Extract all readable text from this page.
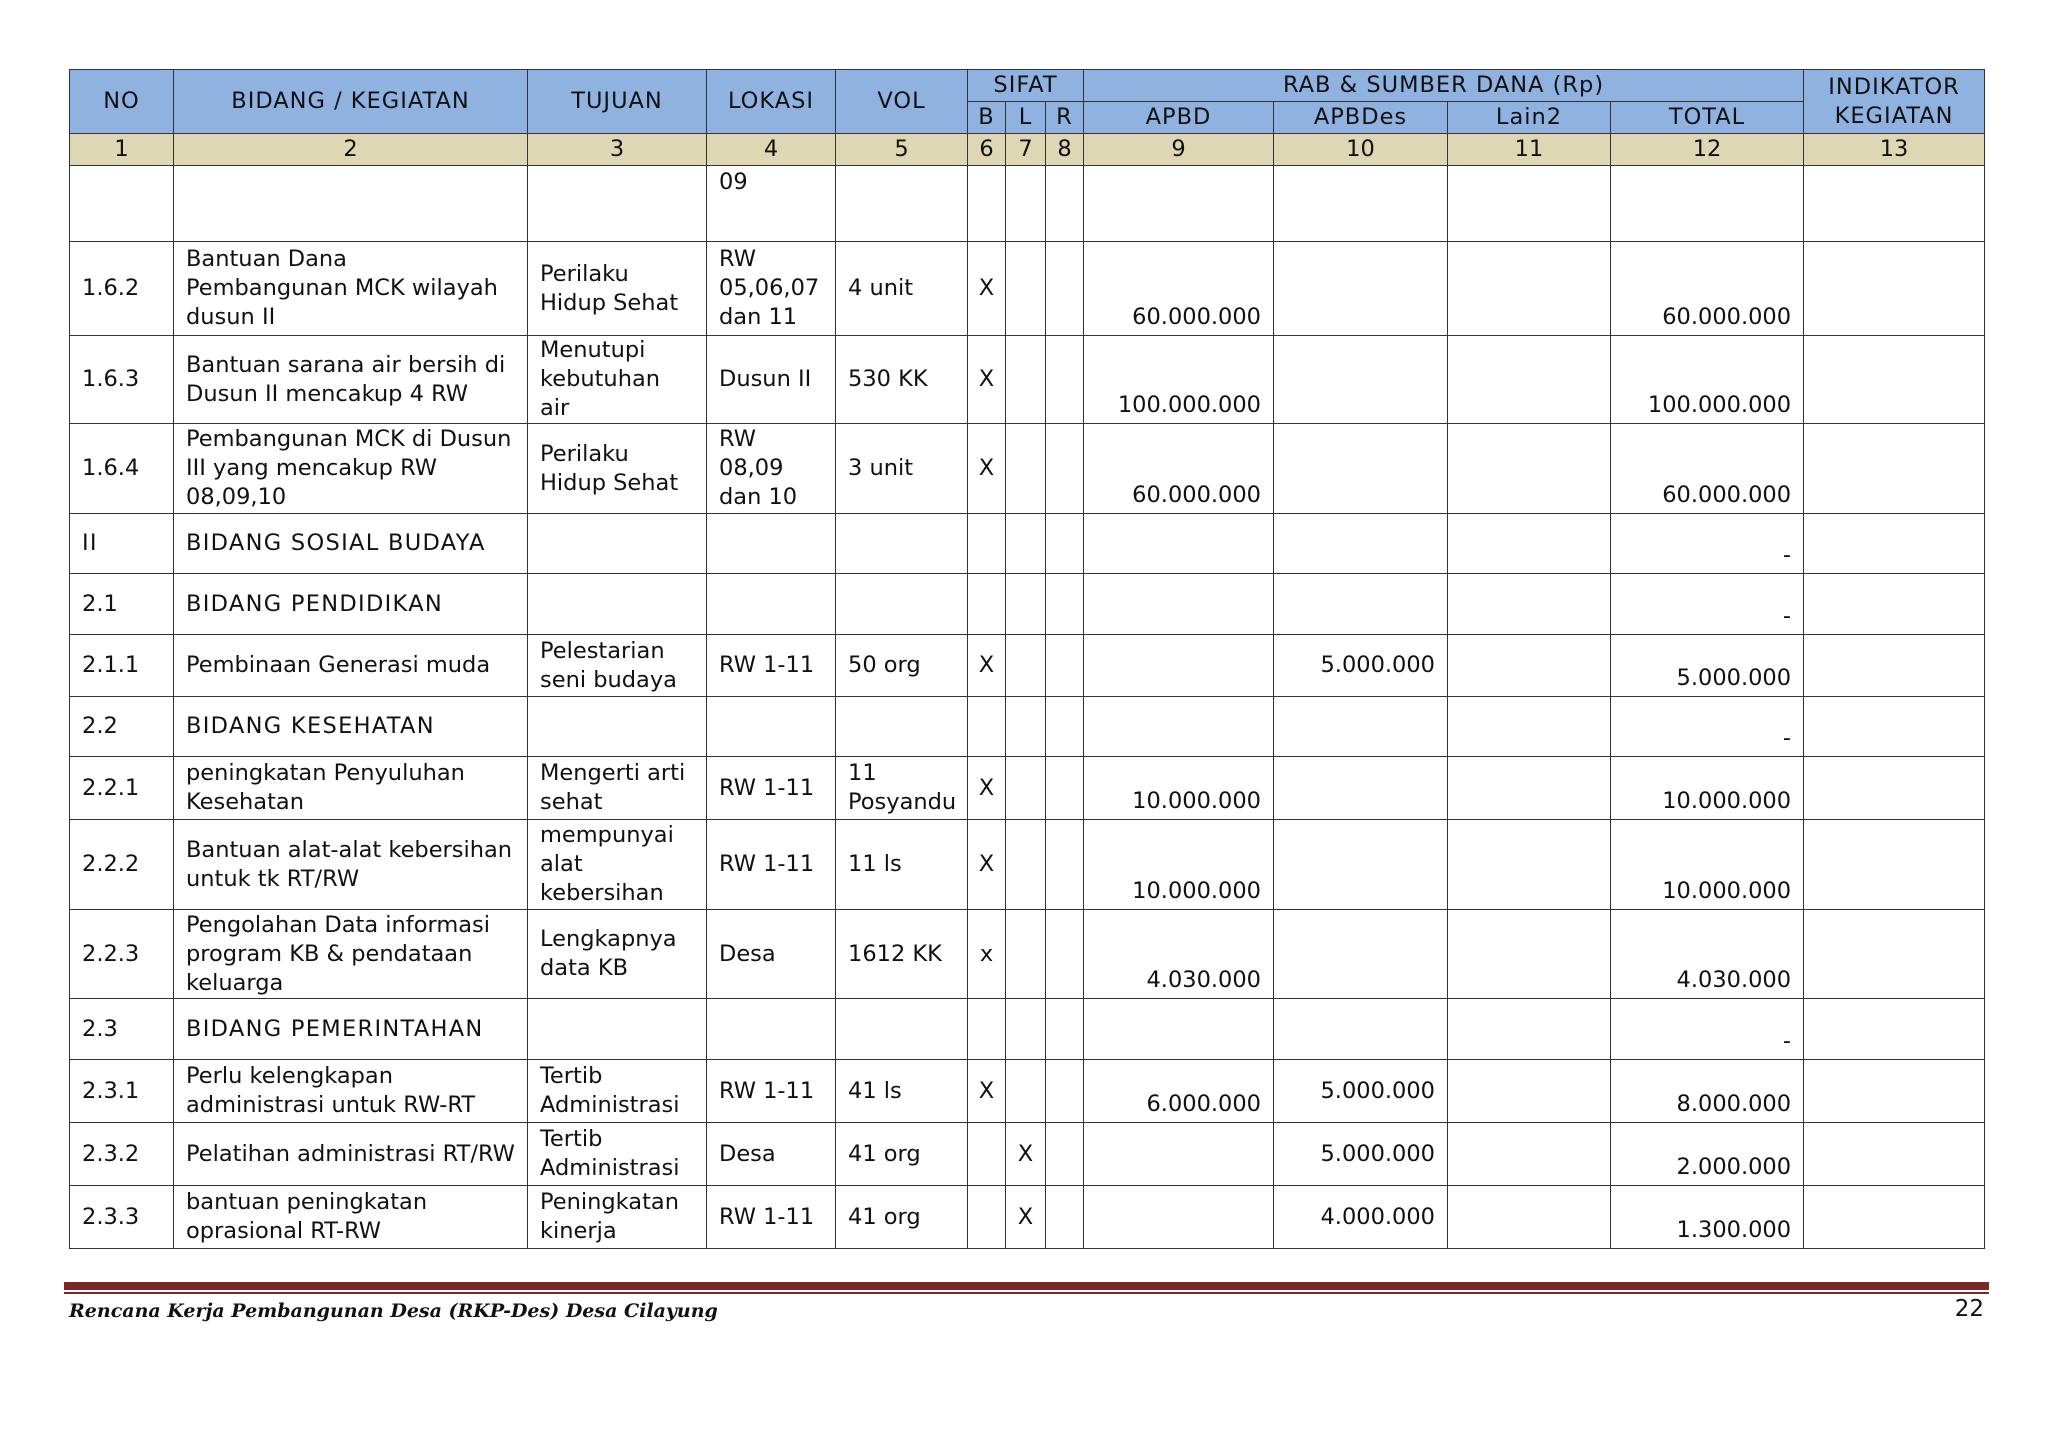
NO	BIDANG / KEGIATAN	TUJUAN	LOKASI	VOL	SIFAT			RAB & SUMBER DANA (Rp)				INDIKATOR KEGIATAN
					B	L	R	APBD	APBDes	Lain2	TOTAL	
1	2	3	4	5	6	7	8	9	10	11	12	13
			09									
1.6.2	Bantuan Dana Pembangunan MCK wilayah dusun II	Perilaku Hidup Sehat	RW 05,06,07 dan 11	4 unit	X			60.000.000			60.000.000	
1.6.3	Bantuan sarana air bersih di Dusun II mencakup 4 RW	Menutupi kebutuhan air	Dusun II	530 KK	X			100.000.000			100.000.000	
1.6.4	Pembangunan MCK di Dusun III yang mencakup RW 08,09,10	Perilaku Hidup Sehat	RW 08,09 dan 10	3 unit	X			60.000.000			60.000.000	
II	BIDANG SOSIAL BUDAYA										-	
2.1	BIDANG PENDIDIKAN										-	
2.1.1	Pembinaan Generasi muda	Pelestarian seni budaya	RW 1-11	50 org	X				5.000.000		5.000.000	
2.2	BIDANG KESEHATAN										-	
2.2.1	peningkatan Penyuluhan Kesehatan	Mengerti arti sehat	RW 1-11	11 Posyandu	X			10.000.000			10.000.000	
2.2.2	Bantuan alat-alat kebersihan untuk tk RT/RW	mempunyai alat kebersihan	RW 1-11	11 ls	X			10.000.000			10.000.000	
2.2.3	Pengolahan Data informasi program KB & pendataan keluarga	Lengkapnya data KB	Desa	1612 KK	x			4.030.000			4.030.000	
2.3	BIDANG PEMERINTAHAN										-	
2.3.1	Perlu kelengkapan administrasi untuk RW-RT	Tertib Administrasi	RW 1-11	41 ls	X			6.000.000	5.000.000		8.000.000	
2.3.2	Pelatihan administrasi RT/RW	Tertib Administrasi	Desa	41 org		X			5.000.000		2.000.000	
2.3.3	bantuan peningkatan oprasional RT-RW	Peningkatan kinerja	RW 1-11	41 org		X			4.000.000		1.300.000	
Rencana Kerja Pembangunan Desa (RKP-Des) Desa Cilayung	22
